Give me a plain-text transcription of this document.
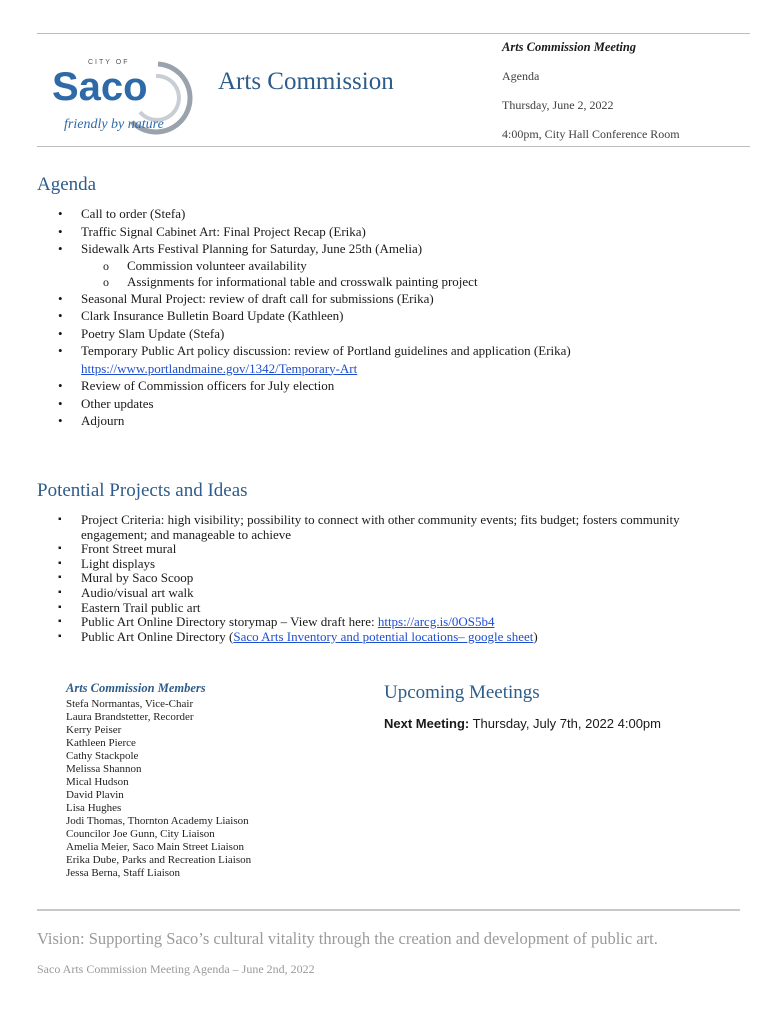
CITY OF
Saco
friendly by nature
Arts Commission
Arts Commission Meeting
Agenda
Thursday, June 2, 2022
4:00pm, City Hall Conference Room
Agenda
• Call to order (Stefa)
• Traffic Signal Cabinet Art: Final Project Recap (Erika)
• Sidewalk Arts Festival Planning for Saturday, June 25th (Amelia)
o Commission volunteer availability
o Assignments for informational table and crosswalk painting project
• Seasonal Mural Project: review of draft call for submissions (Erika)
• Clark Insurance Bulletin Board Update (Kathleen)
• Poetry Slam Update (Stefa)
• Temporary Public Art policy discussion: review of Portland guidelines and application (Erika)
https://www.portlandmaine.gov/1342/Temporary-Art
• Review of Commission officers for July election
• Other updates
• Adjourn
Potential Projects and Ideas
▪ Project Criteria: high visibility; possibility to connect with other community events; fits budget; fosters community engagement; and manageable to achieve
▪ Front Street mural
▪ Light displays
▪ Mural by Saco Scoop
▪ Audio/visual art walk
▪ Eastern Trail public art
▪ Public Art Online Directory storymap – View draft here: https://arcg.is/0OS5b4
▪ Public Art Online Directory (Saco Arts Inventory and potential locations– google sheet)
Arts Commission Members
Stefa Normantas, Vice-Chair
Laura Brandstetter, Recorder
Kerry Peiser
Kathleen Pierce
Cathy Stackpole
Melissa Shannon
Mical Hudson
David Plavin
Lisa Hughes
Jodi Thomas, Thornton Academy Liaison
Councilor Joe Gunn, City Liaison
Amelia Meier, Saco Main Street Liaison
Erika Dube, Parks and Recreation Liaison
Jessa Berna, Staff Liaison
Upcoming Meetings
Next Meeting: Thursday, July 7th, 2022 4:00pm
Vision: Supporting Saco’s cultural vitality through the creation and development of public art.
Saco Arts Commission Meeting Agenda – June 2nd, 2022
